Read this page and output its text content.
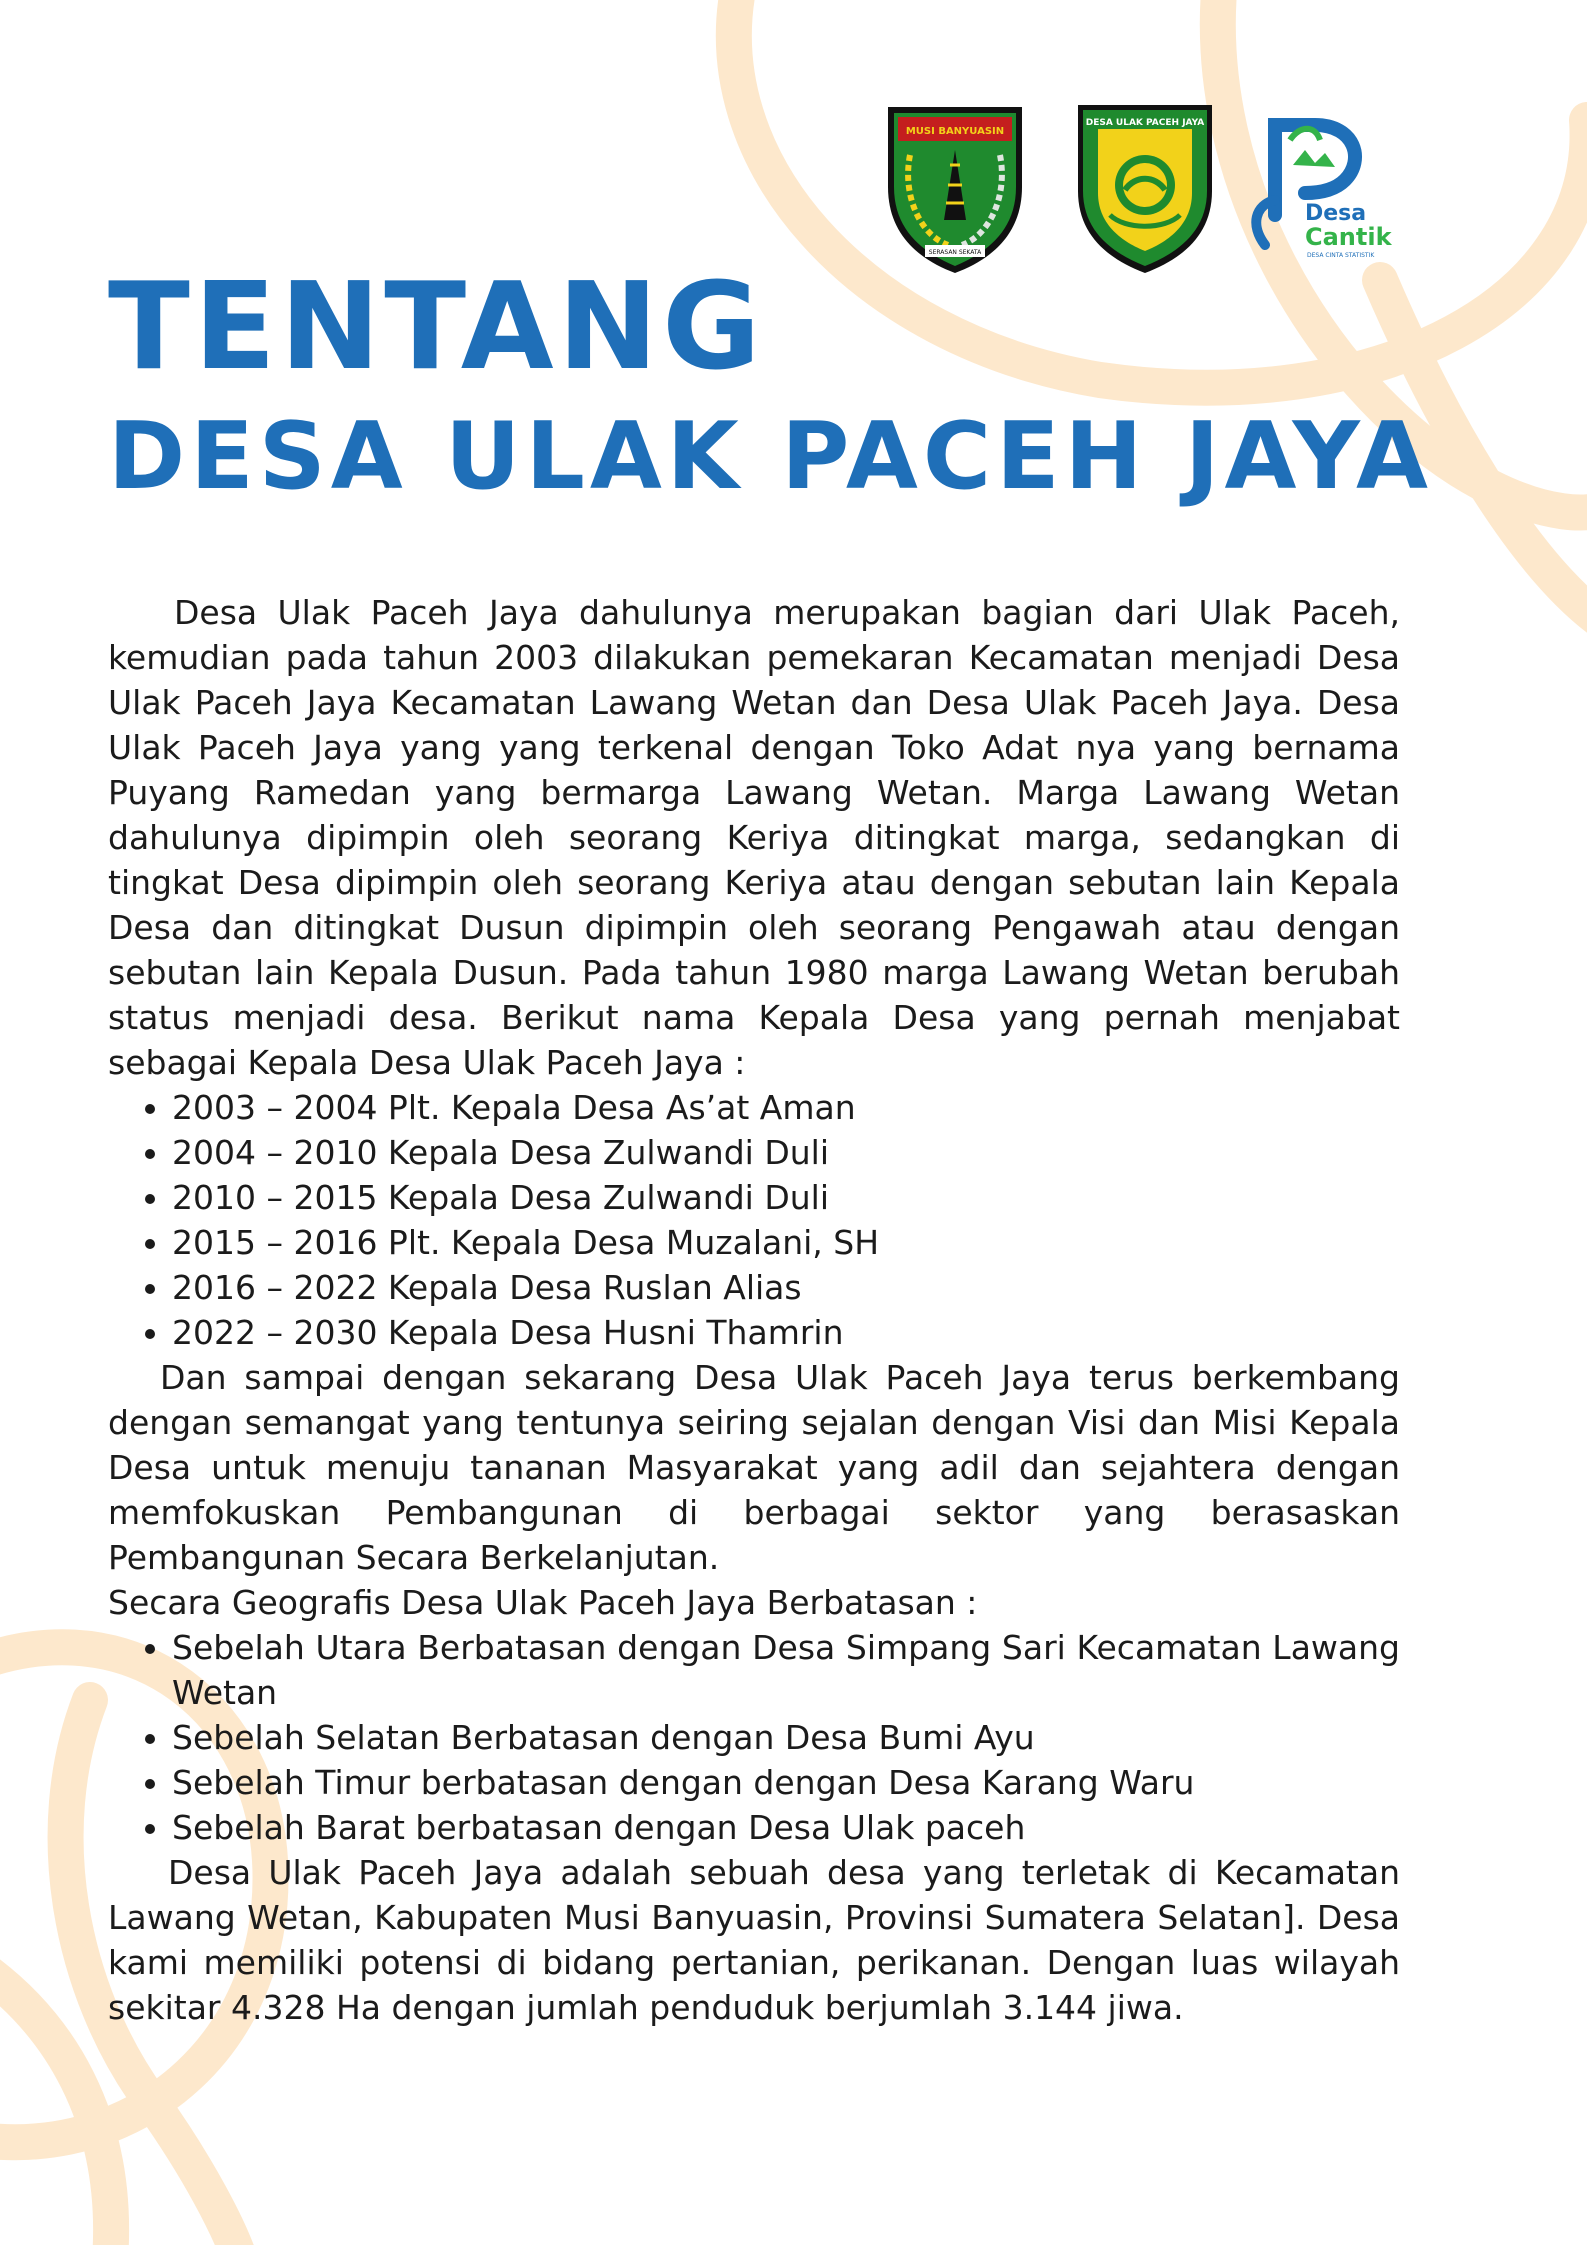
MUSI BANYUASIN
SERASAN SEKATA
DESA ULAK PACEH JAYA
Desa
Cantik
DESA CINTA STATISTIK
TENTANG
DESA ULAK PACEH JAYA

Desa Ulak Paceh Jaya dahulunya merupakan bagian dari Ulak Paceh, kemudian pada tahun 2003 dilakukan pemekaran Kecamatan menjadi Desa Ulak Paceh Jaya Kecamatan Lawang Wetan dan Desa Ulak Paceh Jaya. Desa Ulak Paceh Jaya yang yang terkenal dengan Toko Adat nya yang bernama Puyang Ramedan yang bermarga Lawang Wetan. Marga Lawang Wetan dahulunya dipimpin oleh seorang Keriya ditingkat marga, sedangkan di tingkat Desa dipimpin oleh seorang Keriya atau dengan sebutan lain Kepala Desa dan ditingkat Dusun dipimpin oleh seorang Pengawah atau dengan sebutan lain Kepala Dusun. Pada tahun 1980 marga Lawang Wetan berubah status menjadi desa. Berikut nama Kepala Desa yang pernah menjabat sebagai Kepala Desa Ulak Paceh Jaya :

• 2003 – 2004 Plt. Kepala Desa As’at Aman
• 2004 – 2010 Kepala Desa Zulwandi Duli
• 2010 – 2015 Kepala Desa Zulwandi Duli
• 2015 – 2016 Plt. Kepala Desa Muzalani, SH
• 2016 – 2022 Kepala Desa Ruslan Alias
• 2022 – 2030 Kepala Desa Husni Thamrin

Dan sampai dengan sekarang Desa Ulak Paceh Jaya terus berkembang dengan semangat yang tentunya seiring sejalan dengan Visi dan Misi Kepala Desa untuk menuju tananan Masyarakat yang adil dan sejahtera dengan memfokuskan Pembangunan di berbagai sektor yang berasaskan Pembangunan Secara Berkelanjutan.

Secara Geografis Desa Ulak Paceh Jaya Berbatasan :

• Sebelah Utara Berbatasan dengan Desa Simpang Sari Kecamatan Lawang Wetan
• Sebelah Selatan Berbatasan dengan Desa Bumi Ayu
• Sebelah Timur berbatasan dengan dengan Desa Karang Waru
• Sebelah Barat berbatasan dengan Desa Ulak paceh

Desa Ulak Paceh Jaya adalah sebuah desa yang terletak di Kecamatan Lawang Wetan, Kabupaten Musi Banyuasin, Provinsi Sumatera Selatan]. Desa kami memiliki potensi di bidang pertanian, perikanan. Dengan luas wilayah sekitar 4.328 Ha dengan jumlah penduduk berjumlah 3.144 jiwa.
